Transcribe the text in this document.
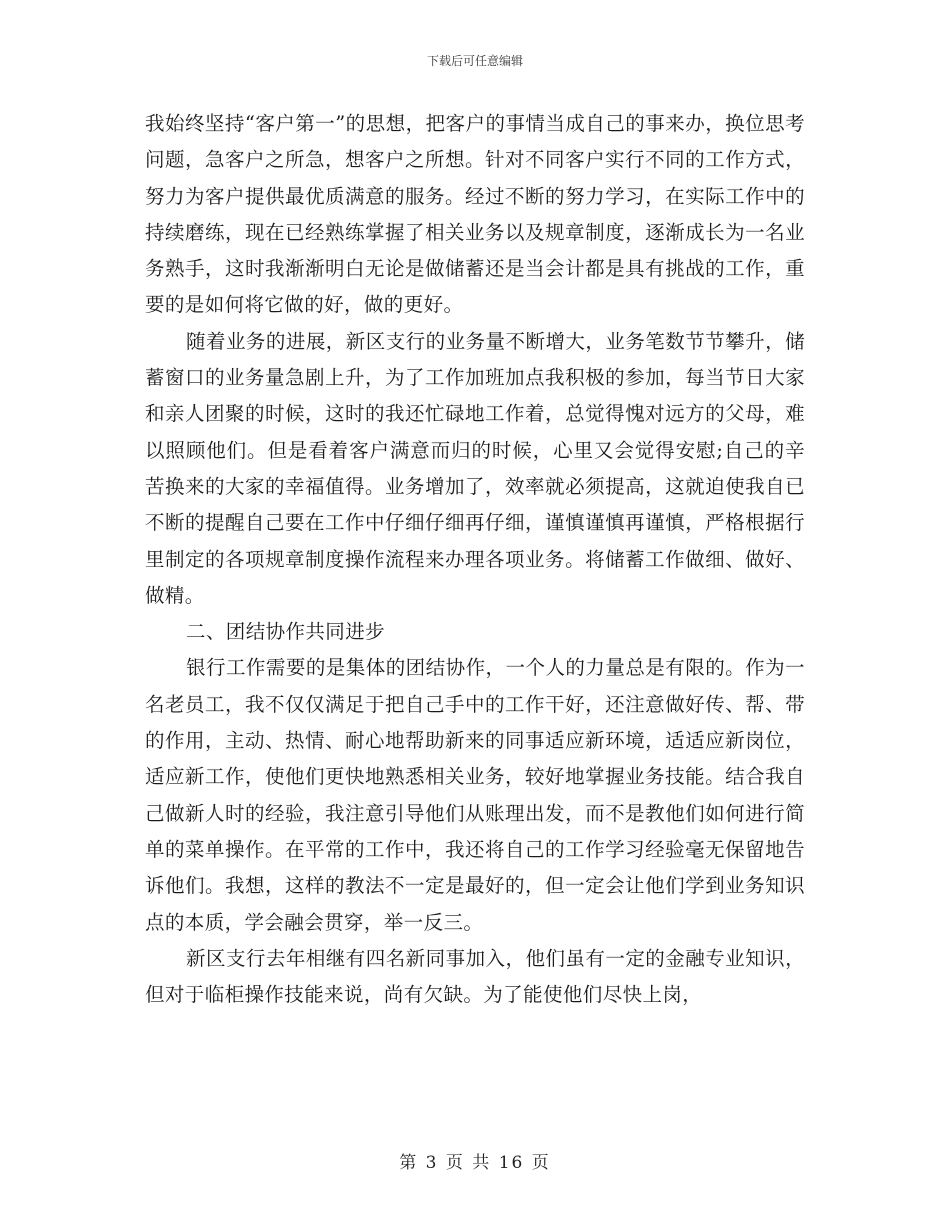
下载后可任意编辑

我始终坚持“客户第一”的思想，把客户的事情当成自己的事来办，换位思考问题，急客户之所急，想客户之所想。针对不同客户实行不同的工作方式，努力为客户提供最优质满意的服务。经过不断的努力学习，在实际工作中的持续磨练，现在已经熟练掌握了相关业务以及规章制度，逐渐成长为一名业务熟手，这时我渐渐明白无论是做储蓄还是当会计都是具有挑战的工作，重要的是如何将它做的好，做的更好。

随着业务的进展，新区支行的业务量不断增大，业务笔数节节攀升，储蓄窗口的业务量急剧上升，为了工作加班加点我积极的参加，每当节日大家和亲人团聚的时候，这时的我还忙碌地工作着，总觉得愧对远方的父母，难以照顾他们。但是看着客户满意而归的时候，心里又会觉得安慰;自己的辛苦换来的大家的幸福值得。业务增加了，效率就必须提高，这就迫使我自已不断的提醒自己要在工作中仔细仔细再仔细，谨慎谨慎再谨慎，严格根据行里制定的各项规章制度操作流程来办理各项业务。将储蓄工作做细、做好、做精。

二、团结协作共同进步

银行工作需要的是集体的团结协作，一个人的力量总是有限的。作为一名老员工，我不仅仅满足于把自己手中的工作干好，还注意做好传、帮、带的作用，主动、热情、耐心地帮助新来的同事适应新环境，适适应新岗位，适应新工作，使他们更快地熟悉相关业务，较好地掌握业务技能。结合我自己做新人时的经验，我注意引导他们从账理出发，而不是教他们如何进行简单的菜单操作。在平常的工作中，我还将自己的工作学习经验毫无保留地告诉他们。我想，这样的教法不一定是最好的，但一定会让他们学到业务知识点的本质，学会融会贯穿，举一反三。

新区支行去年相继有四名新同事加入，他们虽有一定的金融专业知识，但对于临柜操作技能来说，尚有欠缺。为了能使他们尽快上岗，

第 3 页 共 16 页
